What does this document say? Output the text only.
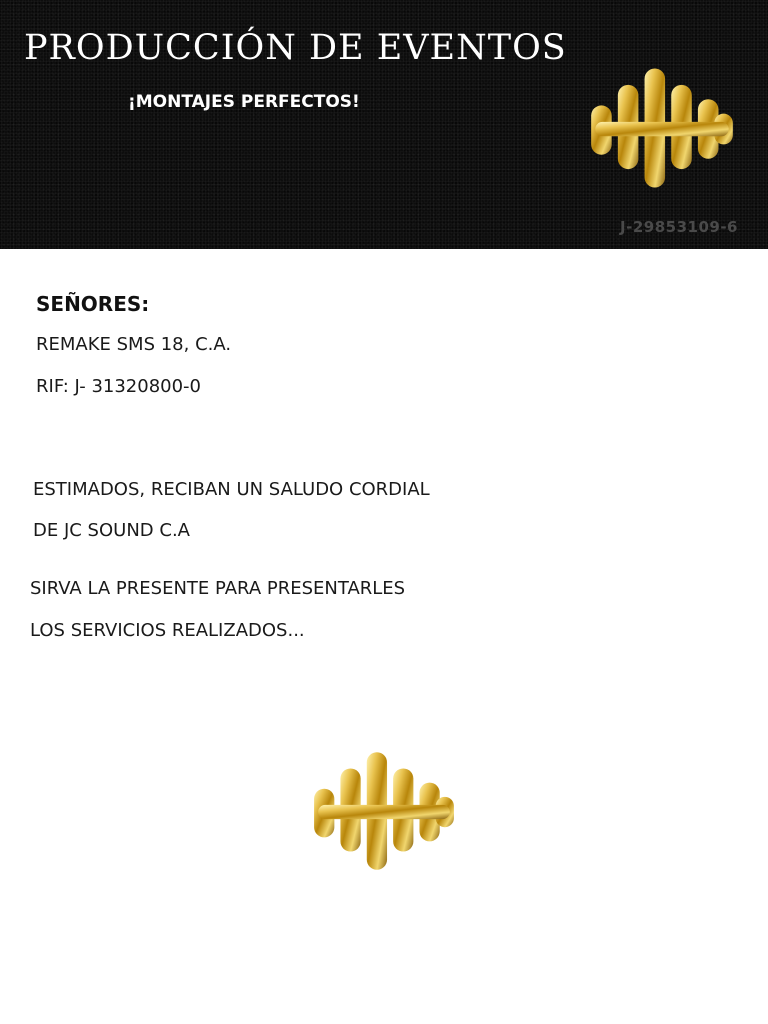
PRODUCCIÓN DE EVENTOS
¡MONTAJES PERFECTOS!
J-29853109-6
SEÑORES:
REMAKE SMS 18, C.A.
RIF: J- 31320800-0
ESTIMADOS, RECIBAN UN SALUDO CORDIAL
DE JC SOUND C.A
SIRVA LA PRESENTE PARA PRESENTARLES
LOS SERVICIOS REALIZADOS...
